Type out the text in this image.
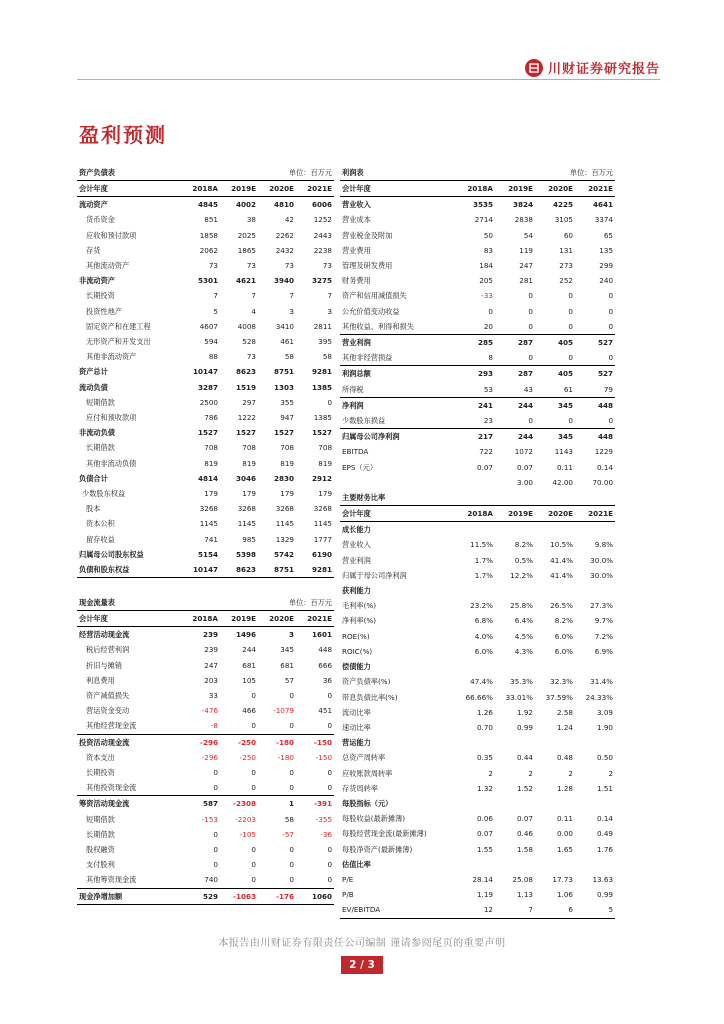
川财证券研究报告
盈利预测
资产负债表	单位：百万元			
会计年度	2018A	2019E	2020E	2021E
流动资产	4845	4002	4810	6006
货币资金	851	38	42	1252
应收和预付款项	1858	2025	2262	2443
存货	2062	1865	2432	2238
其他流动资产	73	73	73	73
非流动资产	5301	4621	3940	3275
长期投资	7	7	7	7
投资性地产	5	4	3	3
固定资产和在建工程	4607	4008	3410	2811
无形资产和开发支出	594	528	461	395
其他非流动资产	88	73	58	58
资产总计	10147	8623	8751	9281
流动负债	3287	1519	1303	1385
短期借款	2500	297	355	0
应付和预收款项	786	1222	947	1385
非流动负债	1527	1527	1527	1527
长期借款	708	708	708	708
其他非流动负债	819	819	819	819
负债合计	4814	3046	2830	2912
少数股东权益	179	179	179	179
股本	3268	3268	3268	3268
资本公积	1145	1145	1145	1145
留存收益	741	985	1329	1777
归属母公司股东权益	5154	5398	5742	6190
负债和股东权益	10147	8623	8751	9281
利润表	单位：百万元			
会计年度	2018A	2019E	2020E	2021E
营业收入	3535	3824	4225	4641
营业成本	2714	2838	3105	3374
营业税金及附加	50	54	60	65
营业费用	83	119	131	135
管理及研发费用	184	247	273	299
财务费用	205	281	252	240
资产和信用减值损失	-33	0	0	0
公允价值变动收益	0	0	0	0
其他收益、利得和损失	20	0	0	0
营业利润	285	287	405	527
其他非经营损益	8	0	0	0
利润总额	293	287	405	527
所得税	53	43	61	79
净利润	241	244	345	448
少数股东损益	23	0	0	0
归属母公司净利润	217	244	345	448
EBITDA	722	1072	1143	1229
EPS（元）	0.07	0.07	0.11	0.14
		3.00	42.00	70.00
主要财务比率				
会计年度	2018A	2019E	2020E	2021E
成长能力				
营业收入	11.5%	8.2%	10.5%	9.8%
营业利润	1.7%	0.5%	41.4%	30.0%
归属于母公司净利润	1.7%	12.2%	41.4%	30.0%
获利能力				
毛利率(%)	23.2%	25.8%	26.5%	27.3%
净利率(%)	6.8%	6.4%	8.2%	9.7%
ROE(%)	4.0%	4.5%	6.0%	7.2%
ROIC(%)	6.0%	4.3%	6.0%	6.9%
偿债能力				
资产负债率(%)	47.4%	35.3%	32.3%	31.4%
带息负债比率(%)	66.66%	33.01%	37.59%	24.33%
流动比率	1.26	1.92	2.58	3.09
速动比率	0.70	0.99	1.24	1.90
营运能力				
总资产周转率	0.35	0.44	0.48	0.50
应收账款周转率	2	2	2	2
存货周转率	1.32	1.52	1.28	1.51
每股指标（元）				
每股收益(最新摊薄)	0.06	0.07	0.11	0.14
每股经营现金流(最新摊薄)	0.07	0.46	0.00	0.49
每股净资产(最新摊薄)	1.55	1.58	1.65	1.76
估值比率				
P/E	28.14	25.08	17.73	13.63
P/B	1.19	1.13	1.06	0.99
EV/EBITDA	12	7	6	5
现金流量表	单位：百万元			
会计年度	2018A	2019E	2020E	2021E
经营活动现金流	239	1496	3	1601
税后经营利润	239	244	345	448
折旧与摊销	247	681	681	666
利息费用	203	105	57	36
资产减值损失	33	0	0	0
营运资金变动	-476	466	-1079	451
其他经营现金流	-8	0	0	0
投资活动现金流	-296	-250	-180	-150
资本支出	-296	-250	-180	-150
长期投资	0	0	0	0
其他投资现金流	0	0	0	0
筹资活动现金流	587	-2308	1	-391
短期借款	-153	-2203	58	-355
长期借款	0	-105	-57	-36
股权融资	0	0	0	0
支付股利	0	0	0	0
其他筹资现金流	740	0	0	0
现金净增加额	529	-1063	-176	1060
本报告由川财证券有限责任公司编制 谨请参阅尾页的重要声明
2 / 3
